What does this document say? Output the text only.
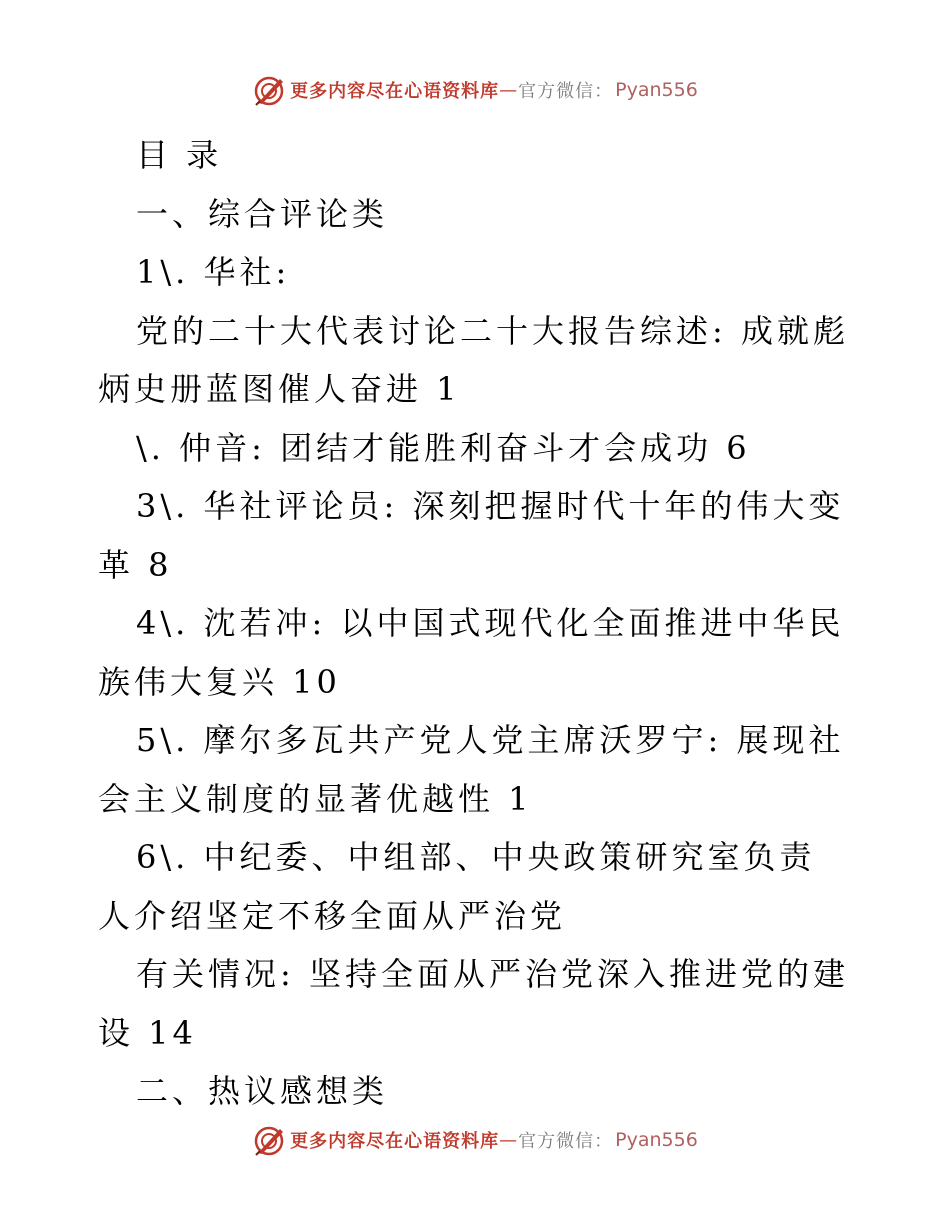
更多内容尽在心语资料库 — 官方微信： Pyan556

目 录

一、综合评论类

1\. 华社:

党的二十大代表讨论二十大报告综述: 成就彪炳史册蓝图催人奋进 1

\. 仲音: 团结才能胜利奋斗才会成功 6

3\. 华社评论员: 深刻把握时代十年的伟大变革 8

4\. 沈若冲: 以中国式现代化全面推进中华民族伟大复兴 10

5\. 摩尔多瓦共产党人党主席沃罗宁: 展现社会主义制度的显著优越性 1

6\. 中纪委、中组部、中央政策研究室负责人介绍坚定不移全面从严治党

有关情况: 坚持全面从严治党深入推进党的建设 14

二、热议感想类

更多内容尽在心语资料库 — 官方微信： Pyan556
